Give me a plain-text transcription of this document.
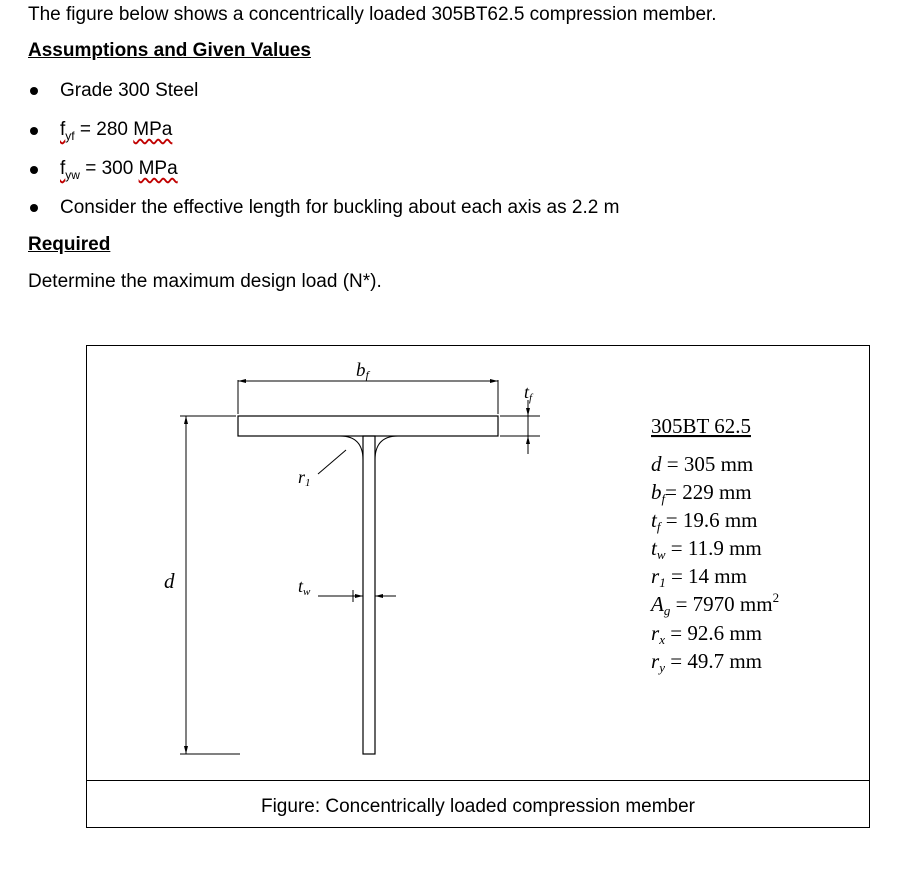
The figure below shows a concentrically loaded 305BT62.5 compression member.
Assumptions and Given Values
Grade 300 Steel
$f_{yf} = 280$ MPa
$f_{yw} = 300$ MPa
Consider the effective length for buckling about each axis as 2.2 m
Required
Determine the maximum design load (N*).
bf
tf
d
r1
tw
305BT 62.5
d = 305 mm
bf= 229 mm
tf = 19.6 mm
tw = 11.9 mm
r1 = 14 mm
Ag = 7970 $mm^2$
rx = 92.6 mm
ry = 49.7 mm
Figure: Concentrically loaded compression member
